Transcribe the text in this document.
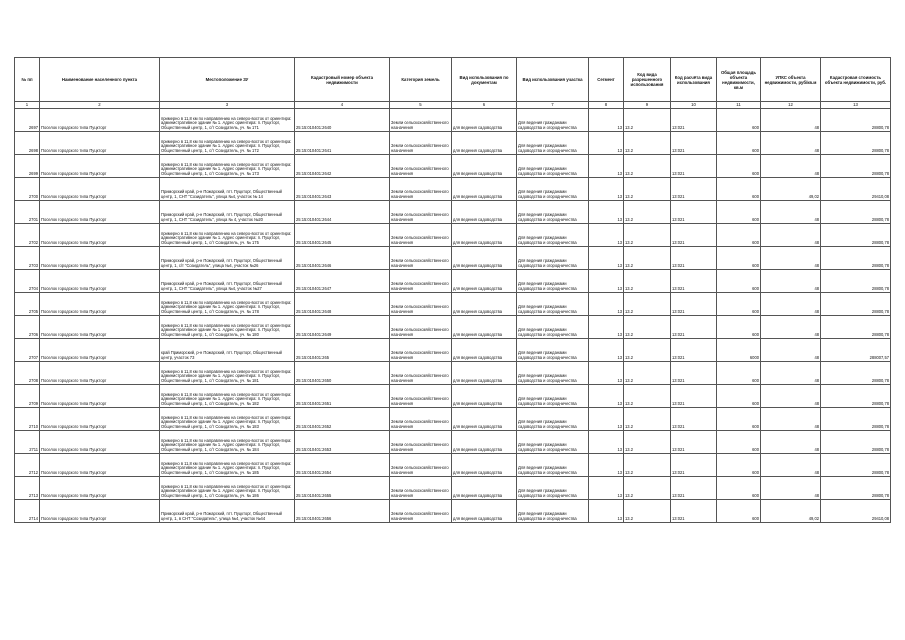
№ пп	Наименование населенного пункта	Местоположение ЗУ	Кадастровый номер объекта недвижимости	Категория земель	Вид использования по документам	Вид использования участка	Сегмент	Код вида разрешенного использования	Код расчёта вида использования	Общая площадь объекта недвижимости, кв.м	УПКС объекта недвижимости, руб/кв.м	Кадастровая стоимость объекта недвижимости, руб.
1	2	3	4	5	6	7	8	9	10	11	12	13
2697	Поселок городского типа Пуцкторг	примерно в 11,8 км по направлению на северо-восток от ориентира: административное здание № 1. Адрес ориентира: п. Пуцкторг, Общественный центр, 1, с/т Созидатель, уч. № 171	25:15:010401:2640	Земли сельскохозяйственного назначения	для ведения садоводства	Для ведения гражданами садоводства и огородничества	13	13.2	13:021	600	48	28800,78
2698	Поселок городского типа Пуцкторг	примерно в 11,8 км по направлению на северо-восток от ориентира: административное здание № 1. Адрес ориентира: п. Пуцкторг, Общественный центр, 1, с/т Созидатель, уч. № 172	25:15:010401:2641	Земли сельскохозяйственного назначения	для ведения садоводства	Для ведения гражданами садоводства и огородничества	13	13.2	13:021	600	48	28800,78
2699	Поселок городского типа Пуцкторг	примерно в 11,8 км по направлению на северо-восток от ориентира: административное здание № 1. Адрес ориентира: п. Пуцкторг, Общественный центр, 1, с/т Созидатель, уч. № 173	25:15:010401:2642	Земли сельскохозяйственного назначения	для ведения садоводства	Для ведения гражданами садоводства и огородничества	13	13.2	13:021	600	48	28800,78
2700	Поселок городского типа Пуцкторг	Приморский край, р-н Пожарский, пгт. Пуцкторг, Общественный центр, 1, СНТ "Созидатель", улица №4, участок № 14	25:15:010401:2643	Земли сельскохозяйственного назначения	для ведения садоводства	Для ведения гражданами садоводства и огородничества	13	13.2	13:021	600	49,02	29410,08
2701	Поселок городского типа Пуцкторг	Приморский край, р-н Пожарский, пгт. Пуцкторг, Общественный центр, 1, СНТ "Созидатель", улица № 4, участок №20	25:15:010401:2644	Земли сельскохозяйственного назначения	для ведения садоводства	Для ведения гражданами садоводства и огородничества	13	13.2	13:021	600	48	28800,78
2702	Поселок городского типа Пуцкторг	примерно в 11,8 км по направлению на северо-восток от ориентира: административное здание № 1. Адрес ориентира: п. Пуцкторг, Общественный центр, 1, с/т Созидатель, уч. № 175	25:15:010401:2645	Земли сельскохозяйственного назначения	для ведения садоводства	Для ведения гражданами садоводства и огородничества	13	13.2	13:021	600	48	28800,78
2703	Поселок городского типа Пуцкторг	Приморский край, р-н Пожарский, пгт. Пуцкторг, Общественный центр, 1, с/т "Созидатель", улица №4, участок №26	25:15:010401:2646	Земли сельскохозяйственного назначения	для ведения садоводства	Для ведения гражданами садоводства и огородничества	13	13.2	13:021	600	48	28800,78
2704	Поселок городского типа Пуцкторг	Приморский край, р-н Пожарский, пгт. Пуцкторг, Общественный центр, 1, СНТ "Созидатель", улица №4, участок №27	25:15:010401:2647	Земли сельскохозяйственного назначения	для ведения садоводства	Для ведения гражданами садоводства и огородничества	13	13.2	13:021	600	48	28800,78
2705	Поселок городского типа Пуцкторг	примерно в 11,8 км по направлению на северо-восток от ориентира: административное здание № 1. Адрес ориентира: п. Пуцкторг, Общественный центр, 1, с/т Созидатель, уч. № 178	25:15:010401:2648	Земли сельскохозяйственного назначения	для ведения садоводства	Для ведения гражданами садоводства и огородничества	13	13.2	13:021	600	48	28800,78
2706	Поселок городского типа Пуцкторг	примерно в 11,8 км по направлению на северо-восток от ориентира: административное здание № 1. Адрес ориентира: п. Пуцкторг, Общественный центр, 1, с/т Созидатель, уч. № 180	25:15:010401:2649	Земли сельскохозяйственного назначения	для ведения садоводства	Для ведения гражданами садоводства и огородничества	13	13.2	13:021	600	48	28800,78
2707	Поселок городского типа Пуцкторг	край Приморский, р-н Пожарский, пгт. Пуцкторг, Общественный центр, участок 73	25:15:010401:265	Земли сельскохозяйственного назначения	для ведения садоводства	Для ведения гражданами садоводства и огородничества	13	13.2	13:021	6000	48	288007,57
2708	Поселок городского типа Пуцкторг	примерно в 11,8 км по направлению на северо-восток от ориентира: административное здание № 1. Адрес ориентира: п. Пуцкторг, Общественный центр, 1, с/т Созидатель, уч. № 181	25:15:010401:2650	Земли сельскохозяйственного назначения	для ведения садоводства	Для ведения гражданами садоводства и огородничества	13	13.2	13:021	600	48	28800,78
2709	Поселок городского типа Пуцкторг	примерно в 11,8 км по направлению на северо-восток от ориентира: административное здание № 1. Адрес ориентира: п. Пуцкторг, Общественный центр, 1, с/т Созидатель, уч. № 182	25:15:010401:2651	Земли сельскохозяйственного назначения	для ведения садоводства	Для ведения гражданами садоводства и огородничества	13	13.2	13:021	600	48	28800,78
2710	Поселок городского типа Пуцкторг	примерно в 11,8 км по направлению на северо-восток от ориентира: административное здание № 1. Адрес ориентира: п. Пуцкторг, Общественный центр, 1, с/т Созидатель, уч. № 183	25:15:010401:2652	Земли сельскохозяйственного назначения	для ведения садоводства	Для ведения гражданами садоводства и огородничества	13	13.2	13:021	600	48	28800,78
2711	Поселок городского типа Пуцкторг	примерно в 11,8 км по направлению на северо-восток от ориентира: административное здание № 1. Адрес ориентира: п. Пуцкторг, Общественный центр, 1, с/т Созидатель, уч. № 184	25:15:010401:2653	Земли сельскохозяйственного назначения	для ведения садоводства	Для ведения гражданами садоводства и огородничества	13	13.2	13:021	600	48	28800,78
2712	Поселок городского типа Пуцкторг	примерно в 11,8 км по направлению на северо-восток от ориентира: административное здание № 1. Адрес ориентира: п. Пуцкторг, Общественный центр, 1, с/т Созидатель, уч. № 185	25:15:010401:2654	Земли сельскохозяйственного назначения	для ведения садоводства	Для ведения гражданами садоводства и огородничества	13	13.2	13:021	600	48	28800,78
2713	Поселок городского типа Пуцкторг	примерно в 11,8 км по направлению на северо-восток от ориентира: административное здание № 1. Адрес ориентира: п. Пуцкторг, Общественный центр, 1, с/т Созидатель, уч. № 186	25:15:010401:2655	Земли сельскохозяйственного назначения	для ведения садоводства	Для ведения гражданами садоводства и огородничества	13	13.2	13:021	600	48	28800,78
2714	Поселок городского типа Пуцкторг	Приморский край, р-н Пожарский, пгт. Пуцкторг, Общественный центр, 1, в СНТ "Созидатель", улица №4, участок №44	25:15:010401:2656	Земли сельскохозяйственного назначения	для ведения садоводства	Для ведения гражданами садоводства и огородничества	13	13.2	13:021	600	49,02	29410,08
